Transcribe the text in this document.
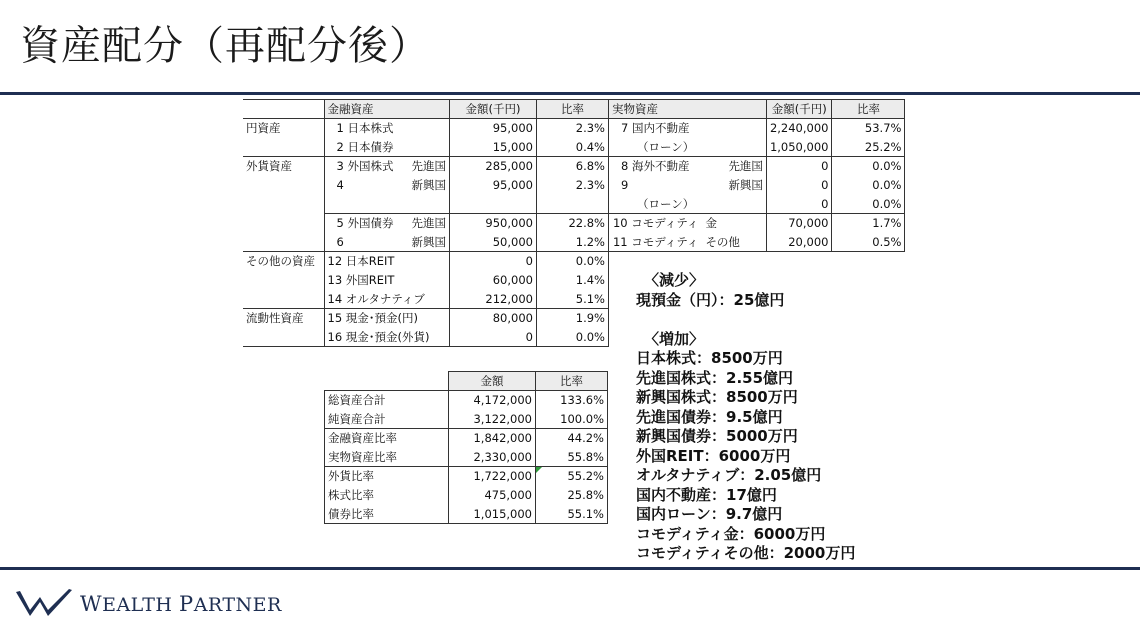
資産配分（再配分後）
	金融資産		金額(千円)	比率	実物資産		金額(千円)	比率
円資産	1 日本株式		95,000	2.3%	7 国内不動産		2,240,000	53.7%
	2 日本債券		15,000	0.4%	（ローン）		1,050,000	25.2%
外貨資産	3 外国株式	先進国	285,000	6.8%	8 海外不動産	先進国	0	0.0%
	4	新興国	95,000	2.3%	9	新興国	0	0.0%
					（ローン）		0	0.0%
	5 外国債券	先進国	950,000	22.8%	10 コモディティ	金	70,000	1.7%
	6	新興国	50,000	1.2%	11 コモディティ	その他	20,000	0.5%
その他の資産	12 日本REIT		0	0.0%				
	13 外国REIT		60,000	1.4%				
	14 オルタナティブ		212,000	5.1%				
流動性資産	15 現金･預金(円)		80,000	1.9%				
	16 現金･預金(外貨)		0	0.0%				
	金額	比率
総資産合計	4,172,000	133.6%
純資産合計	3,122,000	100.0%
金融資産比率	1,842,000	44.2%
実物資産比率	2,330,000	55.8%
外貨比率	1,722,000	55.2%
株式比率	475,000	25.8%
債券比率	1,015,000	55.1%
〈減少〉
現預金（円）：25億円
〈増加〉
日本株式：8500万円
先進国株式：2.55億円
新興国株式：8500万円
先進国債券：9.5億円
新興国債券：5000万円
外国REIT：6000万円
オルタナティブ：2.05億円
国内不動産：17億円
国内ローン：9.7億円
コモディティ金：6000万円
コモディティその他：2000万円
WEALTH PARTNER
